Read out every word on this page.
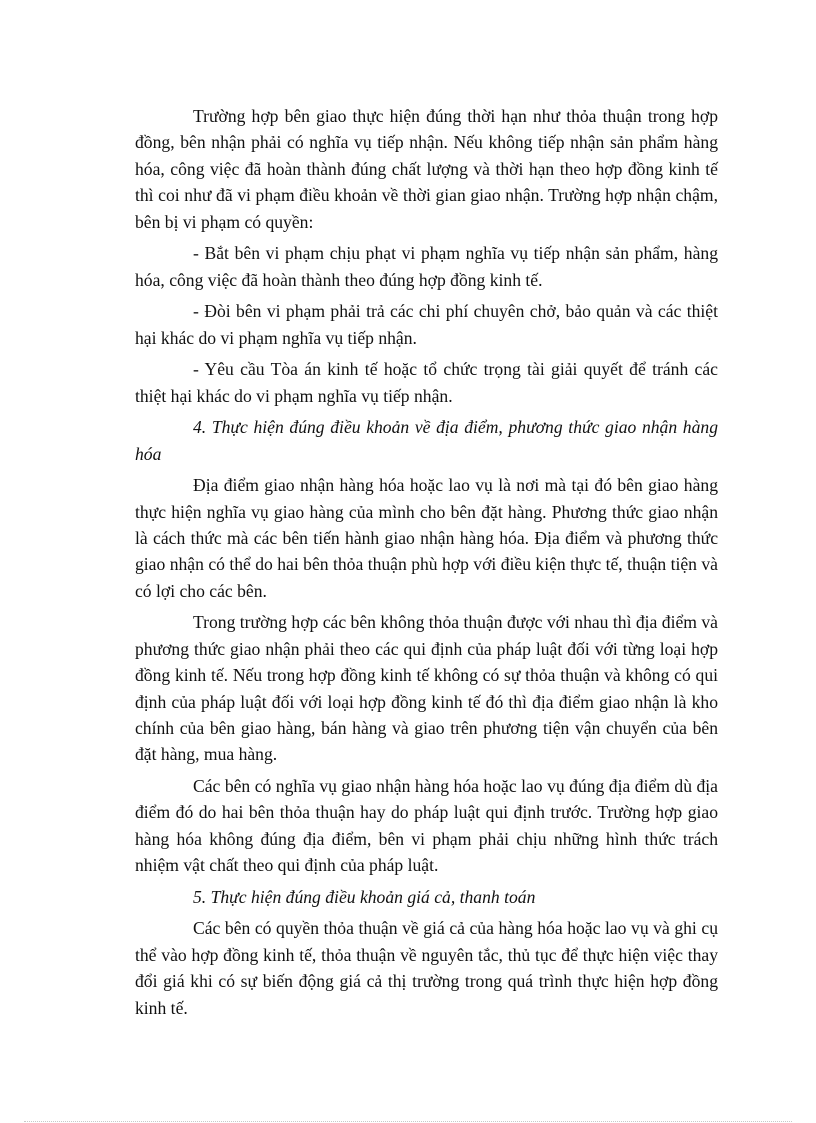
Trường hợp bên giao thực hiện đúng thời hạn như thỏa thuận trong hợp đồng, bên nhận phải có nghĩa vụ tiếp nhận. Nếu không tiếp nhận sản phẩm hàng hóa, công việc đã hoàn thành đúng chất lượng và thời hạn theo hợp đồng kinh tế thì coi như đã vi phạm điều khoản về thời gian giao nhận. Trường hợp nhận chậm, bên bị vi phạm có quyền:

- Bắt bên vi phạm chịu phạt vi phạm nghĩa vụ tiếp nhận sản phẩm, hàng hóa, công việc đã hoàn thành theo đúng hợp đồng kinh tế.

- Đòi bên vi phạm phải trả các chi phí chuyên chở, bảo quản và các thiệt hại khác do vi phạm nghĩa vụ tiếp nhận.

- Yêu cầu Tòa án kinh tế hoặc tổ chức trọng tài giải quyết để tránh các thiệt hại khác do vi phạm nghĩa vụ tiếp nhận.

4. Thực hiện đúng điều khoản về địa điểm, phương thức giao nhận hàng hóa

Địa điểm giao nhận hàng hóa hoặc lao vụ là nơi mà tại đó bên giao hàng thực hiện nghĩa vụ giao hàng của mình cho bên đặt hàng. Phương thức giao nhận là cách thức mà các bên tiến hành giao nhận hàng hóa. Địa điểm và phương thức giao nhận có thể do hai bên thỏa thuận phù hợp với điều kiện thực tế, thuận tiện và có lợi cho các bên.

Trong trường hợp các bên không thỏa thuận được với nhau thì địa điểm và phương thức giao nhận phải theo các qui định của pháp luật đối với từng loại hợp đồng kinh tế. Nếu trong hợp đồng kinh tế không có sự thỏa thuận và không có qui định của pháp luật đối với loại hợp đồng kinh tế đó thì địa điểm giao nhận là kho chính của bên giao hàng, bán hàng và giao trên phương tiện vận chuyển của bên đặt hàng, mua hàng.

Các bên có nghĩa vụ giao nhận hàng hóa hoặc lao vụ đúng địa điểm dù địa điểm đó do hai bên thỏa thuận hay do pháp luật qui định trước. Trường hợp giao hàng hóa không đúng địa điểm, bên vi phạm phải chịu những hình thức trách nhiệm vật chất theo qui định của pháp luật.

5. Thực hiện đúng điều khoản giá cả, thanh toán

Các bên có quyền thỏa thuận về giá cả của hàng hóa hoặc lao vụ và ghi cụ thể vào hợp đồng kinh tế, thỏa thuận về nguyên tắc, thủ tục để thực hiện việc thay đổi giá khi có sự biến động giá cả thị trường trong quá trình thực hiện hợp đồng kinh tế.
